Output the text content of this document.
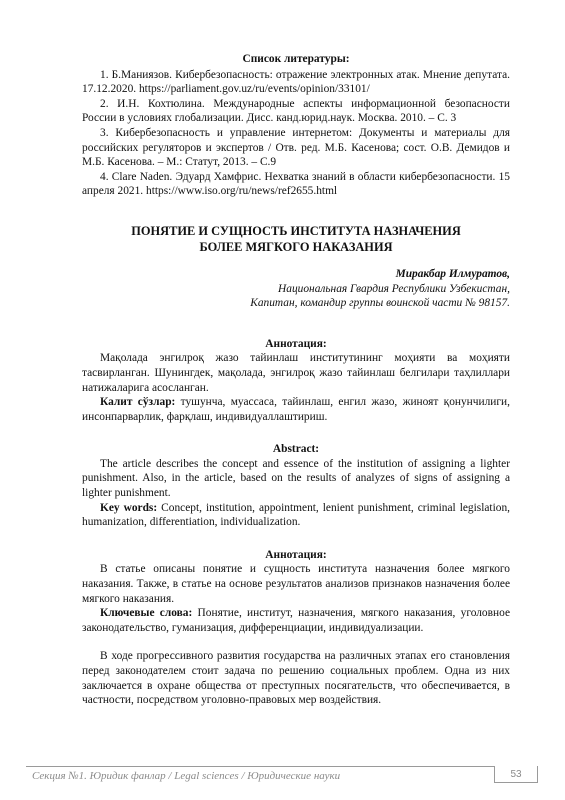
Список литературы:
1. Б.Маниязов. Кибербезопасность: отражение электронных атак. Мнение депутата. 17.12.2020. https://parliament.gov.uz/ru/events/opinion/33101/
2. И.Н. Кохтюлина. Международные аспекты информационной безопасности России в условиях глобализации. Дисс. канд.юрид.наук. Москва. 2010. – С. 3
3. Кибербезопасность и управление интернетом: Документы и материалы для российских регуляторов и экспертов / Отв. ред. М.Б. Касенова; сост. О.В. Демидов и М.Б. Касенова. – М.: Статут, 2013. – С.9
4. Clare Naden. Эдуард Хамфрис. Нехватка знаний в области кибербезопасности. 15 апреля 2021. https://www.iso.org/ru/news/ref2655.html
ПОНЯТИЕ И СУЩНОСТЬ ИНСТИТУТА НАЗНАЧЕНИЯ
БОЛЕЕ МЯГКОГО НАКАЗАНИЯ
Миракбар Илмуратов,
Национальная Гвардия Республики Узбекистан,
Капитан, командир группы воинской части № 98157.
Аннотация:

Мақолада энгилроқ жазо тайинлаш институтининг моҳияти ва моҳияти тасвирланган. Шунингдек, мақолада, энгилроқ жазо тайинлаш белгилари таҳлиллари натижаларига асосланган.

Калит сўзлар: тушунча, муассаса, тайинлаш, енгил жазо, жиноят қонунчилиги, инсонпарварлик, фарқлаш, индивидуаллаштириш.

Abstract:

The article describes the concept and essence of the institution of assigning a lighter punishment. Also, in the article, based on the results of analyzes of signs of assigning a lighter punishment.

Key words: Concept, institution, appointment, lenient punishment, criminal legislation, humanization, differentiation, individualization.

Аннотация:

В статье описаны понятие и сущность института назначения более мягкого наказания. Также, в статье на основе результатов анализов признаков назначения более мягкого наказания.

Ключевые слова: Понятие, институт, назначения, мягкого наказания, уголовное законодательство, гуманизация, дифференциации, индивидуализации.

В ходе прогрессивного развития государства на различных этапах его становления перед законодателем стоит задача по решению социальных проблем. Одна из них заключается в охране общества от преступных посягательств, что обеспечивается, в частности, посредством уголовно-правовых мер воздействия.

Секция №1. Юридик фанлар / Legal sciences / Юридические науки	53
